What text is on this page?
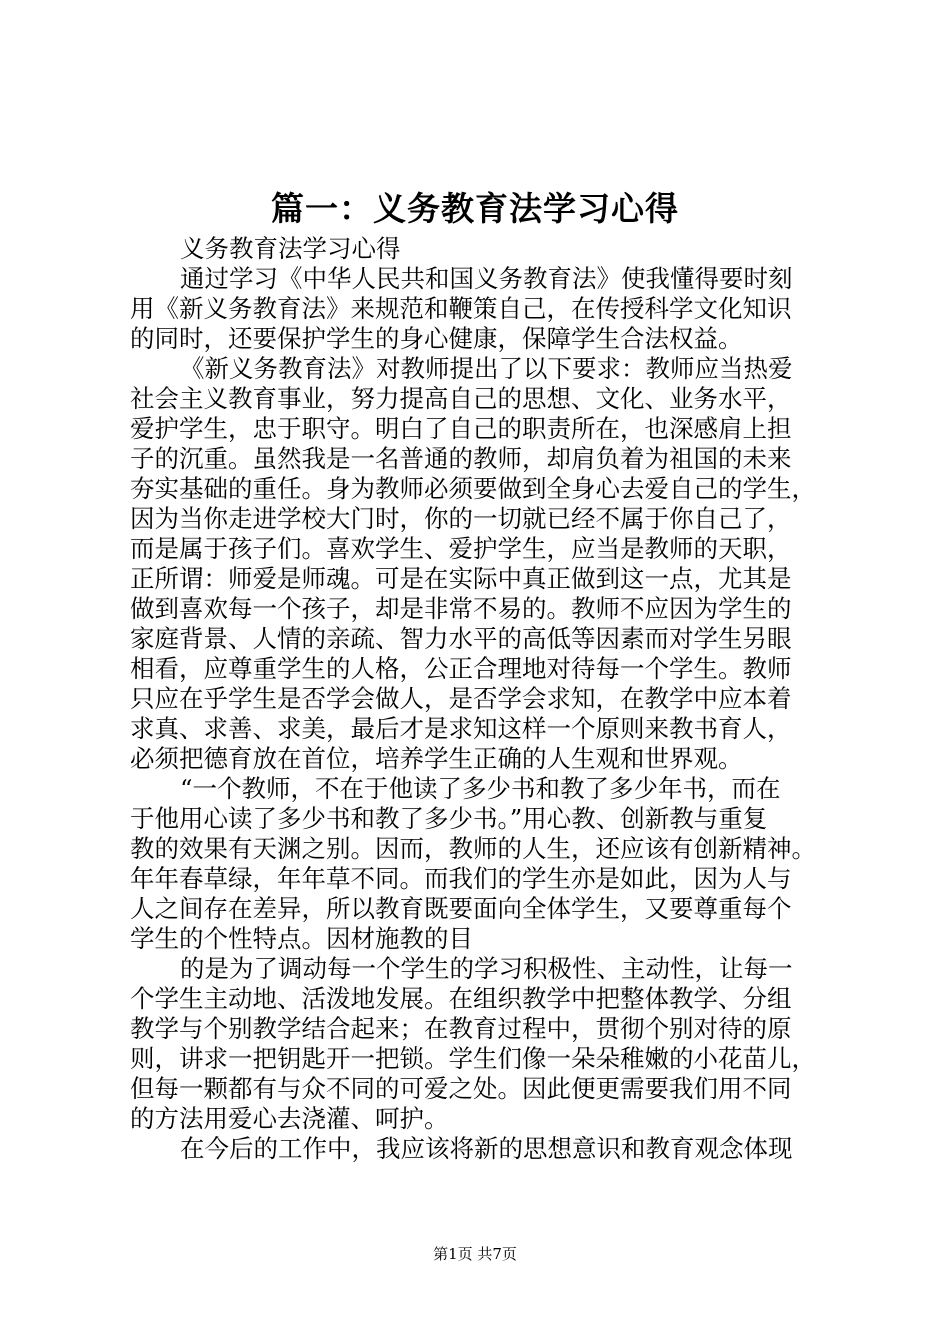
篇一：义务教育法学习心得
义务教育法学习心得
通过学习《中华人民共和国义务教育法》使我懂得要时刻
用《新义务教育法》来规范和鞭策自己，在传授科学文化知识
的同时，还要保护学生的身心健康，保障学生合法权益。
《新义务教育法》对教师提出了以下要求：教师应当热爱
社会主义教育事业，努力提高自己的思想、文化、业务水平，
爱护学生，忠于职守。明白了自己的职责所在，也深感肩上担
子的沉重。虽然我是一名普通的教师，却肩负着为祖国的未来
夯实基础的重任。身为教师必须要做到全身心去爱自己的学生，
因为当你走进学校大门时，你的一切就已经不属于你自己了，
而是属于孩子们。喜欢学生、爱护学生，应当是教师的天职，
正所谓：师爱是师魂。可是在实际中真正做到这一点，尤其是
做到喜欢每一个孩子，却是非常不易的。教师不应因为学生的
家庭背景、人情的亲疏、智力水平的高低等因素而对学生另眼
相看，应尊重学生的人格，公正合理地对待每一个学生。教师
只应在乎学生是否学会做人，是否学会求知，在教学中应本着
求真、求善、求美，最后才是求知这样一个原则来教书育人，
必须把德育放在首位，培养学生正确的人生观和世界观。
“一个教师，不在于他读了多少书和教了多少年书，而在
于他用心读了多少书和教了多少书。”用心教、创新教与重复
教的效果有天渊之别。因而，教师的人生，还应该有创新精神。
年年春草绿，年年草不同。而我们的学生亦是如此，因为人与
人之间存在差异，所以教育既要面向全体学生，又要尊重每个
学生的个性特点。因材施教的目
的是为了调动每一个学生的学习积极性、主动性，让每一
个学生主动地、活泼地发展。在组织教学中把整体教学、分组
教学与个别教学结合起来；在教育过程中，贯彻个别对待的原
则，讲求一把钥匙开一把锁。学生们像一朵朵稚嫩的小花苗儿，
但每一颗都有与众不同的可爱之处。因此便更需要我们用不同
的方法用爱心去浇灌、呵护。
在今后的工作中，我应该将新的思想意识和教育观念体现
第1页 共7页
